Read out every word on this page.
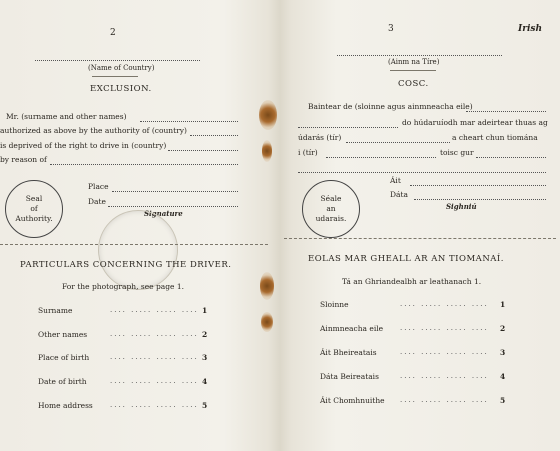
2
(Name of Country)
EXCLUSION.
Mr. (surname and other names)
authorized as above by the authority of (country)
is deprived of the right to drive in (country)
by reason of
Seal
of
Authority.
Place
Date
Signature
PARTICULARS CONCERNING THE DRIVER.
For the photograph, see page 1.
Surname	.... ..... ..... .... 1
Other names	.... ..... ..... .... 2
Place of birth	.... ..... ..... .... 3
Date of birth	.... ..... ..... .... 4
Home address .... ..... ..... .... 5
3	Irish
(Ainm na Tíre)
COSC.
Baintear de (sloinne agus ainmneacha eile)
do húdaruíodh mar adeirtear thuas ag
údarás (tír)	a cheart chun tiomána
i (tír)	toisc gur
Séale
an
udarais.
Áit
Dáta
Sighniú
EOLAS MAR GHEALL AR AN TIOMANAÍ.
Tá an Ghriandealbh ar leathanach 1.
Sloinne	.... ..... ..... .... 1
Ainmneacha eile .... ..... ..... .... 2
Áit Bheireatais	.... ..... ..... .... 3
Dáta Beireatais	.... ..... ..... .... 4
Áit Chomhnuithe .... ..... ..... .... 5
